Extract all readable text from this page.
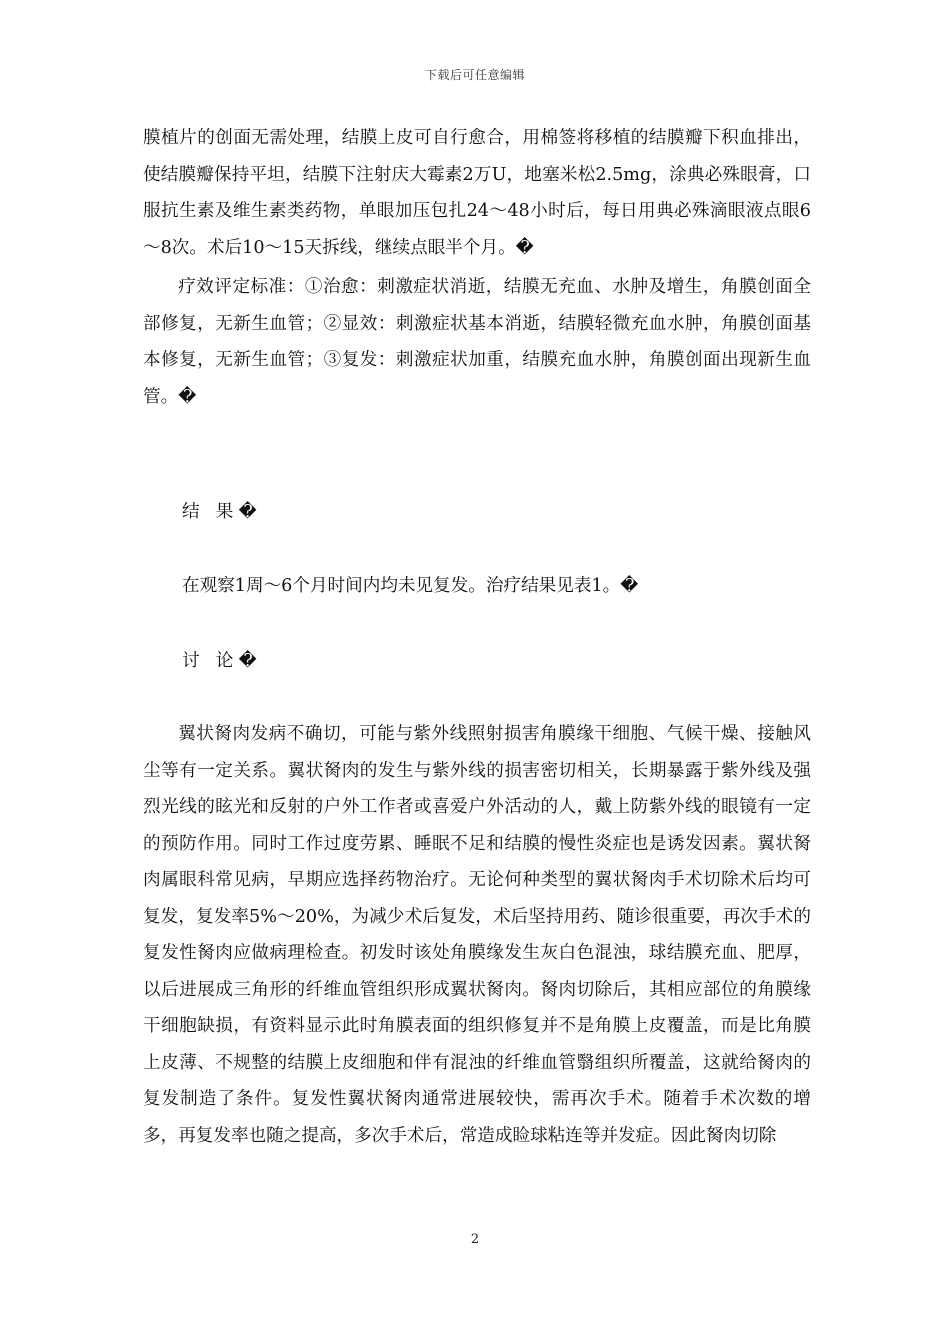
下载后可任意编辑

膜植片的创面无需处理，结膜上皮可自行愈合，用棉签将移植的结膜瓣下积血排出，使结膜瓣保持平坦，结膜下注射庆大霉素2万U，地塞米松2.5mg，涂典必殊眼膏，口服抗生素及维生素类药物，单眼加压包扎24～48小时后，每日用典必殊滴眼液点眼6～8次。术后10～15天拆线，继续点眼半个月。�

疗效评定标准：①治愈：刺激症状消逝，结膜无充血、水肿及增生，角膜创面全部修复，无新生血管；②显效：刺激症状基本消逝，结膜轻微充血水肿，角膜创面基本修复，无新生血管；③复发：刺激症状加重，结膜充血水肿，角膜创面出现新生血管。�

结 果�

在观察1周～6个月时间内均未见复发。治疗结果见表1。�

讨 论�

翼状胬肉发病不确切，可能与紫外线照射损害角膜缘干细胞、气候干燥、接触风尘等有一定关系。翼状胬肉的发生与紫外线的损害密切相关，长期暴露于紫外线及强烈光线的眩光和反射的户外工作者或喜爱户外活动的人，戴上防紫外线的眼镜有一定的预防作用。同时工作过度劳累、睡眠不足和结膜的慢性炎症也是诱发因素。翼状胬肉属眼科常见病，早期应选择药物治疗。无论何种类型的翼状胬肉手术切除术后均可复发，复发率5%～20%，为减少术后复发，术后坚持用药、随诊很重要，再次手术的复发性胬肉应做病理检查。初发时该处角膜缘发生灰白色混浊，球结膜充血、肥厚，以后进展成三角形的纤维血管组织形成翼状胬肉。胬肉切除后，其相应部位的角膜缘干细胞缺损，有资料显示此时角膜表面的组织修复并不是角膜上皮覆盖，而是比角膜上皮薄、不规整的结膜上皮细胞和伴有混浊的纤维血管翳组织所覆盖，这就给胬肉的复发制造了条件。复发性翼状胬肉通常进展较快，需再次手术。随着手术次数的增多，再复发率也随之提高，多次手术后，常造成睑球粘连等并发症。因此胬肉切除

2
